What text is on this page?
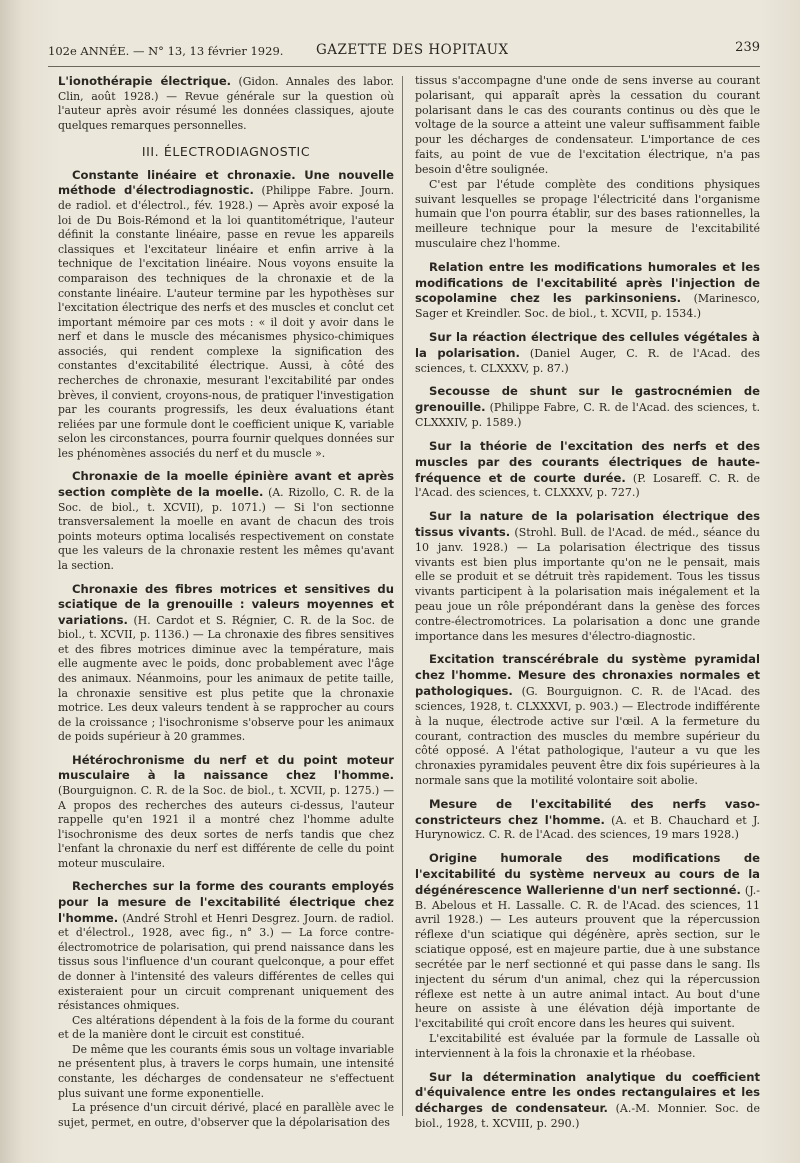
102e ANNÉE. — N° 13, 13 février 1929. GAZETTE DES HOPITAUX	239

L'ionothérapie électrique. (Gidon. Annales des labor. Clin, août 1928.) — Revue générale sur la question où l'auteur après avoir résumé les données classiques, ajoute quelques remarques personnelles.

III. ÉLECTRODIAGNOSTIC

Constante linéaire et chronaxie. Une nouvelle méthode d'électrodiagnostic. (Philippe Fabre. Journ. de radiol. et d'électrol., fév. 1928.) — Après avoir exposé la loi de Du Bois-Rémond et la loi quantitométrique, l'auteur définit la constante linéaire, passe en revue les appareils classiques et l'excitateur linéaire et enfin arrive à la technique de l'excitation linéaire. Nous voyons ensuite la comparaison des techniques de la chronaxie et de la constante linéaire. L'auteur termine par les hypothèses sur l'excitation électrique des nerfs et des muscles et conclut cet important mémoire par ces mots : « il doit y avoir dans le nerf et dans le muscle des mécanismes physico-chimiques associés, qui rendent complexe la signification des constantes d'excitabilité électrique. Aussi, à côté des recherches de chronaxie, mesurant l'excitabilité par ondes brèves, il convient, croyons-nous, de pratiquer l'investigation par les courants progressifs, les deux évaluations étant reliées par une formule dont le coefficient unique K, variable selon les circonstances, pourra fournir quelques données sur les phénomènes associés du nerf et du muscle ».

Chronaxie de la moelle épinière avant et après section complète de la moelle. (A. Rizollo, C. R. de la Soc. de biol., t. XCVII), p. 1071.) — Si l'on sectionne transversalement la moelle en avant de chacun des trois points moteurs optima localisés respectivement on constate que les valeurs de la chronaxie restent les mêmes qu'avant la section.

Chronaxie des fibres motrices et sensitives du sciatique de la grenouille : valeurs moyennes et variations. (H. Cardot et S. Régnier, C. R. de la Soc. de biol., t. XCVII, p. 1136.) — La chronaxie des fibres sensitives et des fibres motrices diminue avec la température, mais elle augmente avec le poids, donc probablement avec l'âge des animaux. Néanmoins, pour les animaux de petite taille, la chronaxie sensitive est plus petite que la chronaxie motrice. Les deux valeurs tendent à se rapprocher au cours de la croissance ; l'isochronisme s'observe pour les animaux de poids supérieur à 20 grammes.

Hétérochronisme du nerf et du point moteur musculaire à la naissance chez l'homme. (Bourguignon. C. R. de la Soc. de biol., t. XCVII, p. 1275.) — A propos des recherches des auteurs ci-dessus, l'auteur rappelle qu'en 1921 il a montré chez l'homme adulte l'isochronisme des deux sortes de nerfs tandis que chez l'enfant la chronaxie du nerf est différente de celle du point moteur musculaire.

Recherches sur la forme des courants employés pour la mesure de l'excitabilité électrique chez l'homme. (André Strohl et Henri Desgrez. Journ. de radiol. et d'électrol., 1928, avec fig., n° 3.) — La force contre-électromotrice de polarisation, qui prend naissance dans les tissus sous l'influence d'un courant quelconque, a pour effet de donner à l'intensité des valeurs différentes de celles qui existeraient pour un circuit comprenant uniquement des résistances ohmiques.

Ces altérations dépendent à la fois de la forme du courant et de la manière dont le circuit est constitué.

De même que les courants émis sous un voltage invariable ne présentent plus, à travers le corps humain, une intensité constante, les décharges de condensateur ne s'effectuent plus suivant une forme exponentielle.

La présence d'un circuit dérivé, placé en parallèle avec le sujet, permet, en outre, d'observer que la dépolarisation des

tissus s'accompagne d'une onde de sens inverse au courant polarisant, qui apparaît après la cessation du courant polarisant dans le cas des courants continus ou dès que le voltage de la source a atteint une valeur suffisamment faible pour les décharges de condensateur. L'importance de ces faits, au point de vue de l'excitation électrique, n'a pas besoin d'être soulignée.

C'est par l'étude complète des conditions physiques suivant lesquelles se propage l'électricité dans l'organisme humain que l'on pourra établir, sur des bases rationnelles, la meilleure technique pour la mesure de l'excitabilité musculaire chez l'homme.

Relation entre les modifications humorales et les modifications de l'excitabilité après l'injection de scopolamine chez les parkinsoniens. (Marinesco, Sager et Kreindler. Soc. de biol., t. XCVII, p. 1534.)

Sur la réaction électrique des cellules végétales à la polarisation. (Daniel Auger, C. R. de l'Acad. des sciences, t. CLXXXV, p. 87.)

Secousse de shunt sur le gastrocnémien de grenouille. (Philippe Fabre, C. R. de l'Acad. des sciences, t. CLXXXIV, p. 1589.)

Sur la théorie de l'excitation des nerfs et des muscles par des courants électriques de haute-fréquence et de courte durée. (P. Losareff. C. R. de l'Acad. des sciences, t. CLXXXV, p. 727.)

Sur la nature de la polarisation électrique des tissus vivants. (Strohl. Bull. de l'Acad. de méd., séance du 10 janv. 1928.) — La polarisation électrique des tissus vivants est bien plus importante qu'on ne le pensait, mais elle se produit et se détruit très rapidement. Tous les tissus vivants participent à la polarisation mais inégalement et la peau joue un rôle prépondérant dans la genèse des forces contre-électromotrices. La polarisation a donc une grande importance dans les mesures d'électro-diagnostic.

Excitation transcérébrale du système pyramidal chez l'homme. Mesure des chronaxies normales et pathologiques. (G. Bourguignon. C. R. de l'Acad. des sciences, 1928, t. CLXXXVI, p. 903.) — Electrode indifférente à la nuque, électrode active sur l'œil. A la fermeture du courant, contraction des muscles du membre supérieur du côté opposé. A l'état pathologique, l'auteur a vu que les chronaxies pyramidales peuvent être dix fois supérieures à la normale sans que la motilité volontaire soit abolie.

Mesure de l'excitabilité des nerfs vaso-constricteurs chez l'homme. (A. et B. Chauchard et J. Hurynowicz. C. R. de l'Acad. des sciences, 19 mars 1928.)

Origine humorale des modifications de l'excitabilité du système nerveux au cours de la dégénérescence Wallerienne d'un nerf sectionné. (J.-B. Abelous et H. Lassalle. C. R. de l'Acad. des sciences, 11 avril 1928.) — Les auteurs prouvent que la répercussion réflexe d'un sciatique qui dégénère, après section, sur le sciatique opposé, est en majeure partie, due à une substance secrétée par le nerf sectionné et qui passe dans le sang. Ils injectent du sérum d'un animal, chez qui la répercussion réflexe est nette à un autre animal intact. Au bout d'une heure on assiste à une élévation déjà importante de l'excitabilité qui croît encore dans les heures qui suivent.

L'excitabilité est évaluée par la formule de Lassalle où interviennent à la fois la chronaxie et la rhéobase.

Sur la détermination analytique du coefficient d'équivalence entre les ondes rectangulaires et les décharges de condensateur. (A.-M. Monnier. Soc. de biol., 1928, t. XCVIII, p. 290.)
